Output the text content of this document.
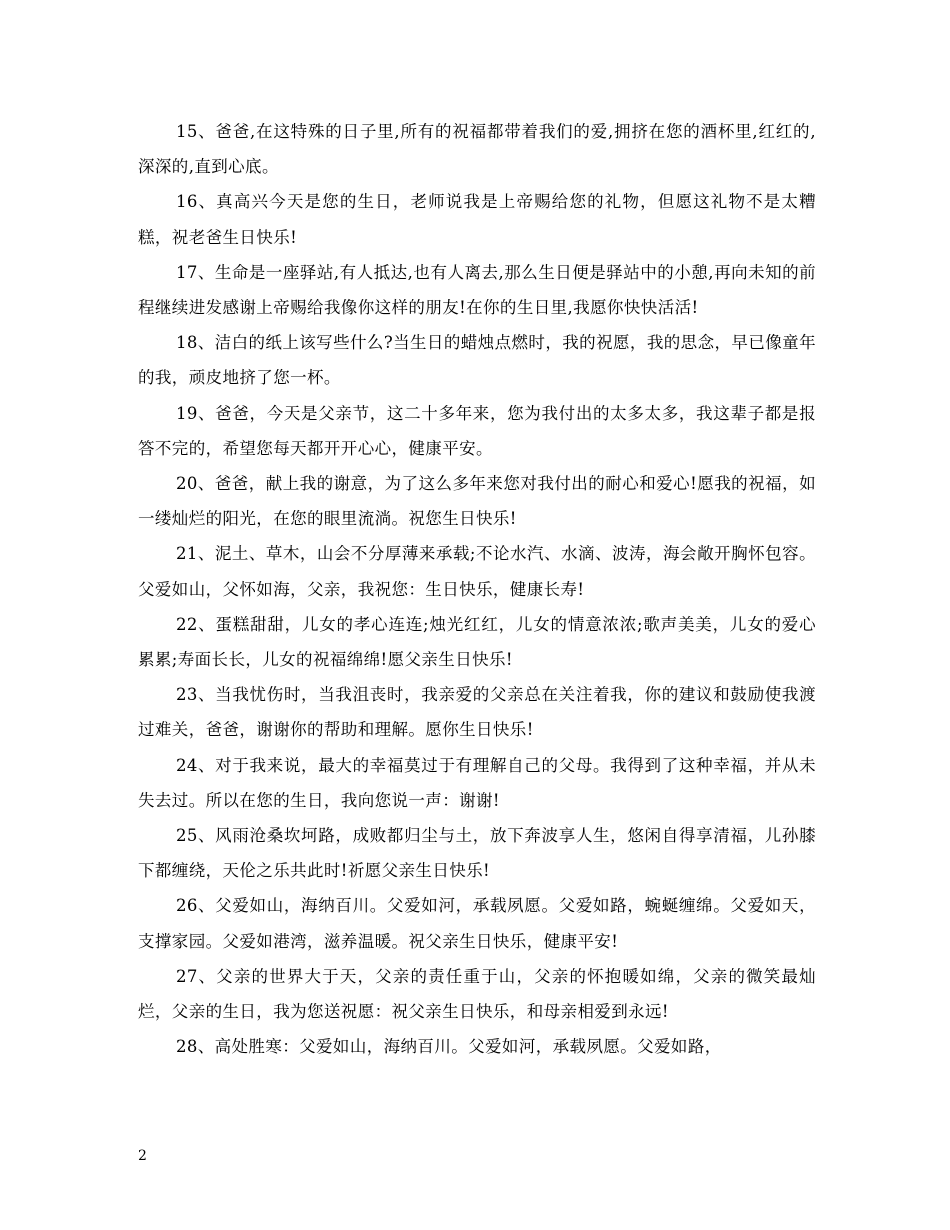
15、爸爸,在这特殊的日子里,所有的祝福都带着我们的爱,拥挤在您的酒杯里,红红的,深深的,直到心底。

16、真高兴今天是您的生日，老师说我是上帝赐给您的礼物，但愿这礼物不是太糟糕，祝老爸生日快乐!

17、生命是一座驿站,有人抵达,也有人离去,那么生日便是驿站中的小憩,再向未知的前程继续进发感谢上帝赐给我像你这样的朋友!在你的生日里,我愿你快快活活!

18、洁白的纸上该写些什么?当生日的蜡烛点燃时，我的祝愿，我的思念，早已像童年的我，顽皮地挤了您一杯。

19、爸爸，今天是父亲节，这二十多年来，您为我付出的太多太多，我这辈子都是报答不完的，希望您每天都开开心心，健康平安。

20、爸爸，献上我的谢意，为了这么多年来您对我付出的耐心和爱心!愿我的祝福，如一缕灿烂的阳光，在您的眼里流淌。祝您生日快乐!

21、泥土、草木，山会不分厚薄来承载;不论水汽、水滴、波涛，海会敞开胸怀包容。父爱如山，父怀如海，父亲，我祝您：生日快乐，健康长寿!

22、蛋糕甜甜，儿女的孝心连连;烛光红红，儿女的情意浓浓;歌声美美，儿女的爱心累累;寿面长长，儿女的祝福绵绵!愿父亲生日快乐!

23、当我忧伤时，当我沮丧时，我亲爱的父亲总在关注着我，你的建议和鼓励使我渡过难关，爸爸，谢谢你的帮助和理解。愿你生日快乐!

24、对于我来说，最大的幸福莫过于有理解自己的父母。我得到了这种幸福，并从未失去过。所以在您的生日，我向您说一声：谢谢!

25、风雨沧桑坎坷路，成败都归尘与土，放下奔波享人生，悠闲自得享清福，儿孙膝下都缠绕，天伦之乐共此时!祈愿父亲生日快乐!

26、父爱如山，海纳百川。父爱如河，承载夙愿。父爱如路，蜿蜒缠绵。父爱如天，支撑家园。父爱如港湾，滋养温暖。祝父亲生日快乐，健康平安!

27、父亲的世界大于天，父亲的责任重于山，父亲的怀抱暖如绵，父亲的微笑最灿烂，父亲的生日，我为您送祝愿：祝父亲生日快乐，和母亲相爱到永远!

28、高处胜寒：父爱如山，海纳百川。父爱如河，承载夙愿。父爱如路，

2
